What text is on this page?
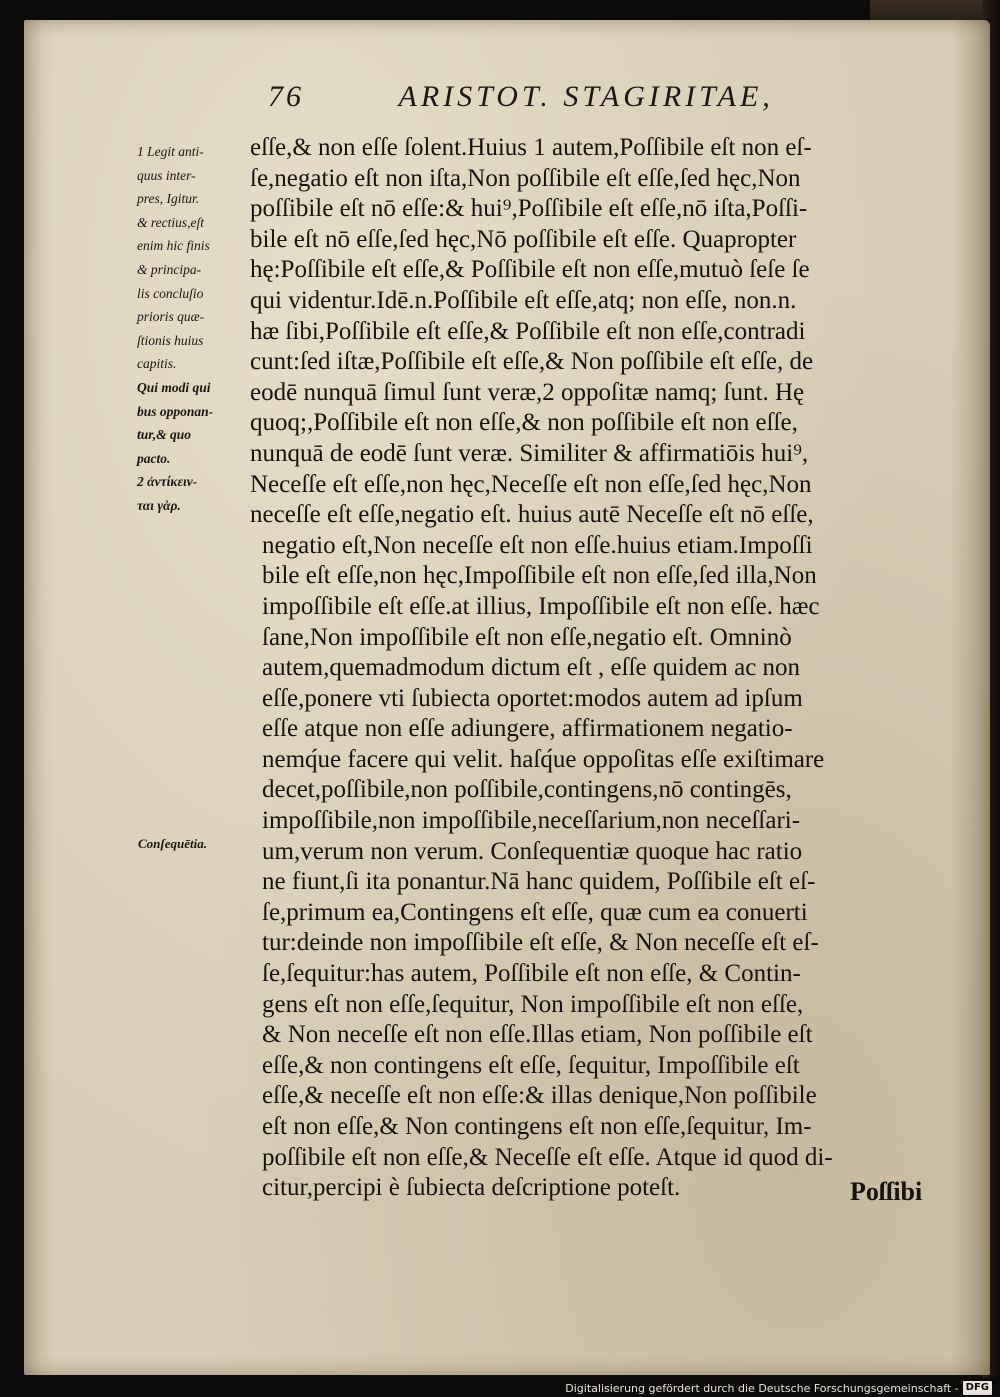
76	ARISTOT. STAGIRITAE,
1 Legit anti-
quus inter-
pres, Igitur.
& rectius,eſt
enim hic finis
& principa-
lis concluſio
prioris quæ-
ſtionis huius
capitis.
Qui modi qui
bus opponan-
tur,& quo
pacto.
2 ἀντίκειν-
ται γὰρ.
Conſequētia.
eſſe,& non eſſe ſolent.Huius 1 autem,Poſſibile eſt non eſ-
ſe,negatio eſt non iſta,Non poſſibile eſt eſſe,ſed hęc,Non
poſſibile eſt nō eſſe:& hui⁹,Poſſibile eſt eſſe,nō iſta,Poſſi-
bile eſt nō eſſe,ſed hęc,Nō poſſibile eſt eſſe. Quapropter
hę:Poſſibile eſt eſſe,& Poſſibile eſt non eſſe,mutuò ſeſe ſe
qui videntur.Idē.n.Poſſibile eſt eſſe,atq; non eſſe, non.n.
hæ ſibi,Poſſibile eſt eſſe,& Poſſibile eſt non eſſe,contradi
cunt:ſed iſtæ,Poſſibile eſt eſſe,& Non poſſibile eſt eſſe, de
eodē nunquā ſimul ſunt veræ,2 oppoſitæ namq; ſunt. Hę
quoq;,Poſſibile eſt non eſſe,& non poſſibile eſt non eſſe,
nunquā de eodē ſunt veræ. Similiter & affirmatiōis hui⁹,
Neceſſe eſt eſſe,non hęc,Neceſſe eſt non eſſe,ſed hęc,Non
neceſſe eſt eſſe,negatio eſt. huius autē Neceſſe eſt nō eſſe,
negatio eſt,Non neceſſe eſt non eſſe.huius etiam.Impoſſi
bile eſt eſſe,non hęc,Impoſſibile eſt non eſſe,ſed illa,Non
impoſſibile eſt eſſe.at illius, Impoſſibile eſt non eſſe. hæc
ſane,Non impoſſibile eſt non eſſe,negatio eſt. Omninò
autem,quemadmodum dictum eſt , eſſe quidem ac non
eſſe,ponere vti ſubiecta oportet:modos autem ad ipſum
eſſe atque non eſſe adiungere, affirmationem negatio-
nemq́ue facere qui velit. haſq́ue oppoſitas eſſe exiſtimare
decet,poſſibile,non poſſibile,contingens,nō contingēs,
impoſſibile,non impoſſibile,neceſſarium,non neceſſari-
um,verum non verum. Conſequentiæ quoque hac ratio
ne fiunt,ſi ita ponantur.Nā hanc quidem, Poſſibile eſt eſ-
ſe,primum ea,Contingens eſt eſſe, quæ cum ea conuerti
tur:deinde non impoſſibile eſt eſſe, & Non neceſſe eſt eſ-
ſe,ſequitur:has autem, Poſſibile eſt non eſſe, & Contin-
gens eſt non eſſe,ſequitur, Non impoſſibile eſt non eſſe,
& Non neceſſe eſt non eſſe.Illas etiam, Non poſſibile eſt
eſſe,& non contingens eſt eſſe, ſequitur, Impoſſibile eſt
eſſe,& neceſſe eſt non eſſe:& illas denique,Non poſſibile
eſt non eſſe,& Non contingens eſt non eſſe,ſequitur, Im-
poſſibile eſt non eſſe,& Neceſſe eſt eſſe. Atque id quod di-
citur,percipi è ſubiecta deſcriptione poteſt.	Poſſibi
Digitalisierung gefördert durch die Deutsche Forschungsgemeinschaft - DFG
